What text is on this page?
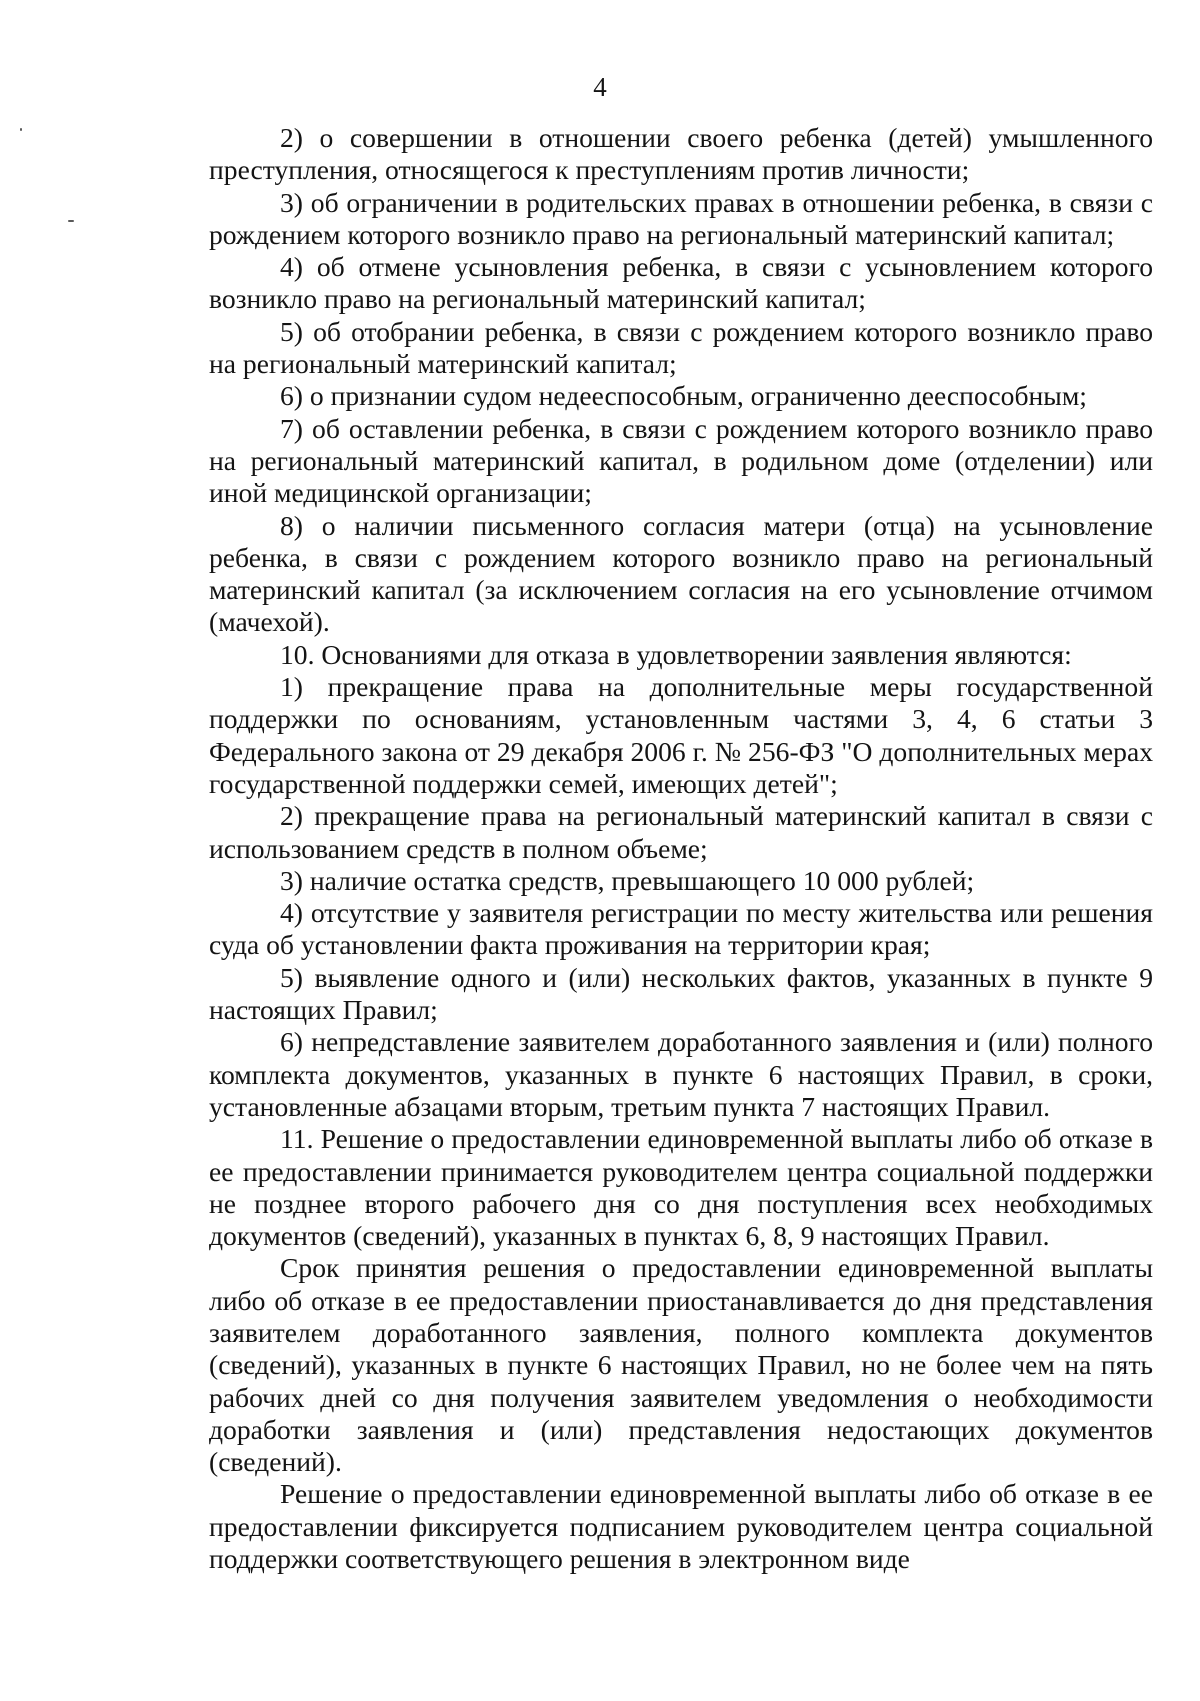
4

2) о совершении в отношении своего ребенка (детей) умышленного преступления, относящегося к преступлениям против личности;

3) об ограничении в родительских правах в отношении ребенка, в связи с рождением которого возникло право на региональный материнский капитал;

4) об отмене усыновления ребенка, в связи с усыновлением которого возникло право на региональный материнский капитал;

5) об отобрании ребенка, в связи с рождением которого возникло право на региональный материнский капитал;

6) о признании судом недееспособным, ограниченно дееспособным;

7) об оставлении ребенка, в связи с рождением которого возникло право на региональный материнский капитал, в родильном доме (отделении) или иной медицинской организации;

8) о наличии письменного согласия матери (отца) на усыновление ребенка, в связи с рождением которого возникло право на региональный материнский капитал (за исключением согласия на его усыновление отчимом (мачехой).

10. Основаниями для отказа в удовлетворении заявления являются:

1) прекращение права на дополнительные меры государственной поддержки по основаниям, установленным частями 3, 4, 6 статьи 3 Федерального закона от 29 декабря 2006 г. № 256-ФЗ "О дополнительных мерах государственной поддержки семей, имеющих детей";

2) прекращение права на региональный материнский капитал в связи с использованием средств в полном объеме;

3) наличие остатка средств, превышающего 10 000 рублей;

4) отсутствие у заявителя регистрации по месту жительства или решения суда об установлении факта проживания на территории края;

5) выявление одного и (или) нескольких фактов, указанных в пункте 9 настоящих Правил;

6) непредставление заявителем доработанного заявления и (или) полного комплекта документов, указанных в пункте 6 настоящих Правил, в сроки, установленные абзацами вторым, третьим пункта 7 настоящих Правил.

11. Решение о предоставлении единовременной выплаты либо об отказе в ее предоставлении принимается руководителем центра социальной поддержки не позднее второго рабочего дня со дня поступления всех необходимых документов (сведений), указанных в пунктах 6, 8, 9 настоящих Правил.

Срок принятия решения о предоставлении единовременной выплаты либо об отказе в ее предоставлении приостанавливается до дня представления заявителем доработанного заявления, полного комплекта документов (сведений), указанных в пункте 6 настоящих Правил, но не более чем на пять рабочих дней со дня получения заявителем уведомления о необходимости доработки заявления и (или) представления недостающих документов (сведений).

Решение о предоставлении единовременной выплаты либо об отказе в ее предоставлении фиксируется подписанием руководителем центра социальной поддержки соответствующего решения в электронном виде
